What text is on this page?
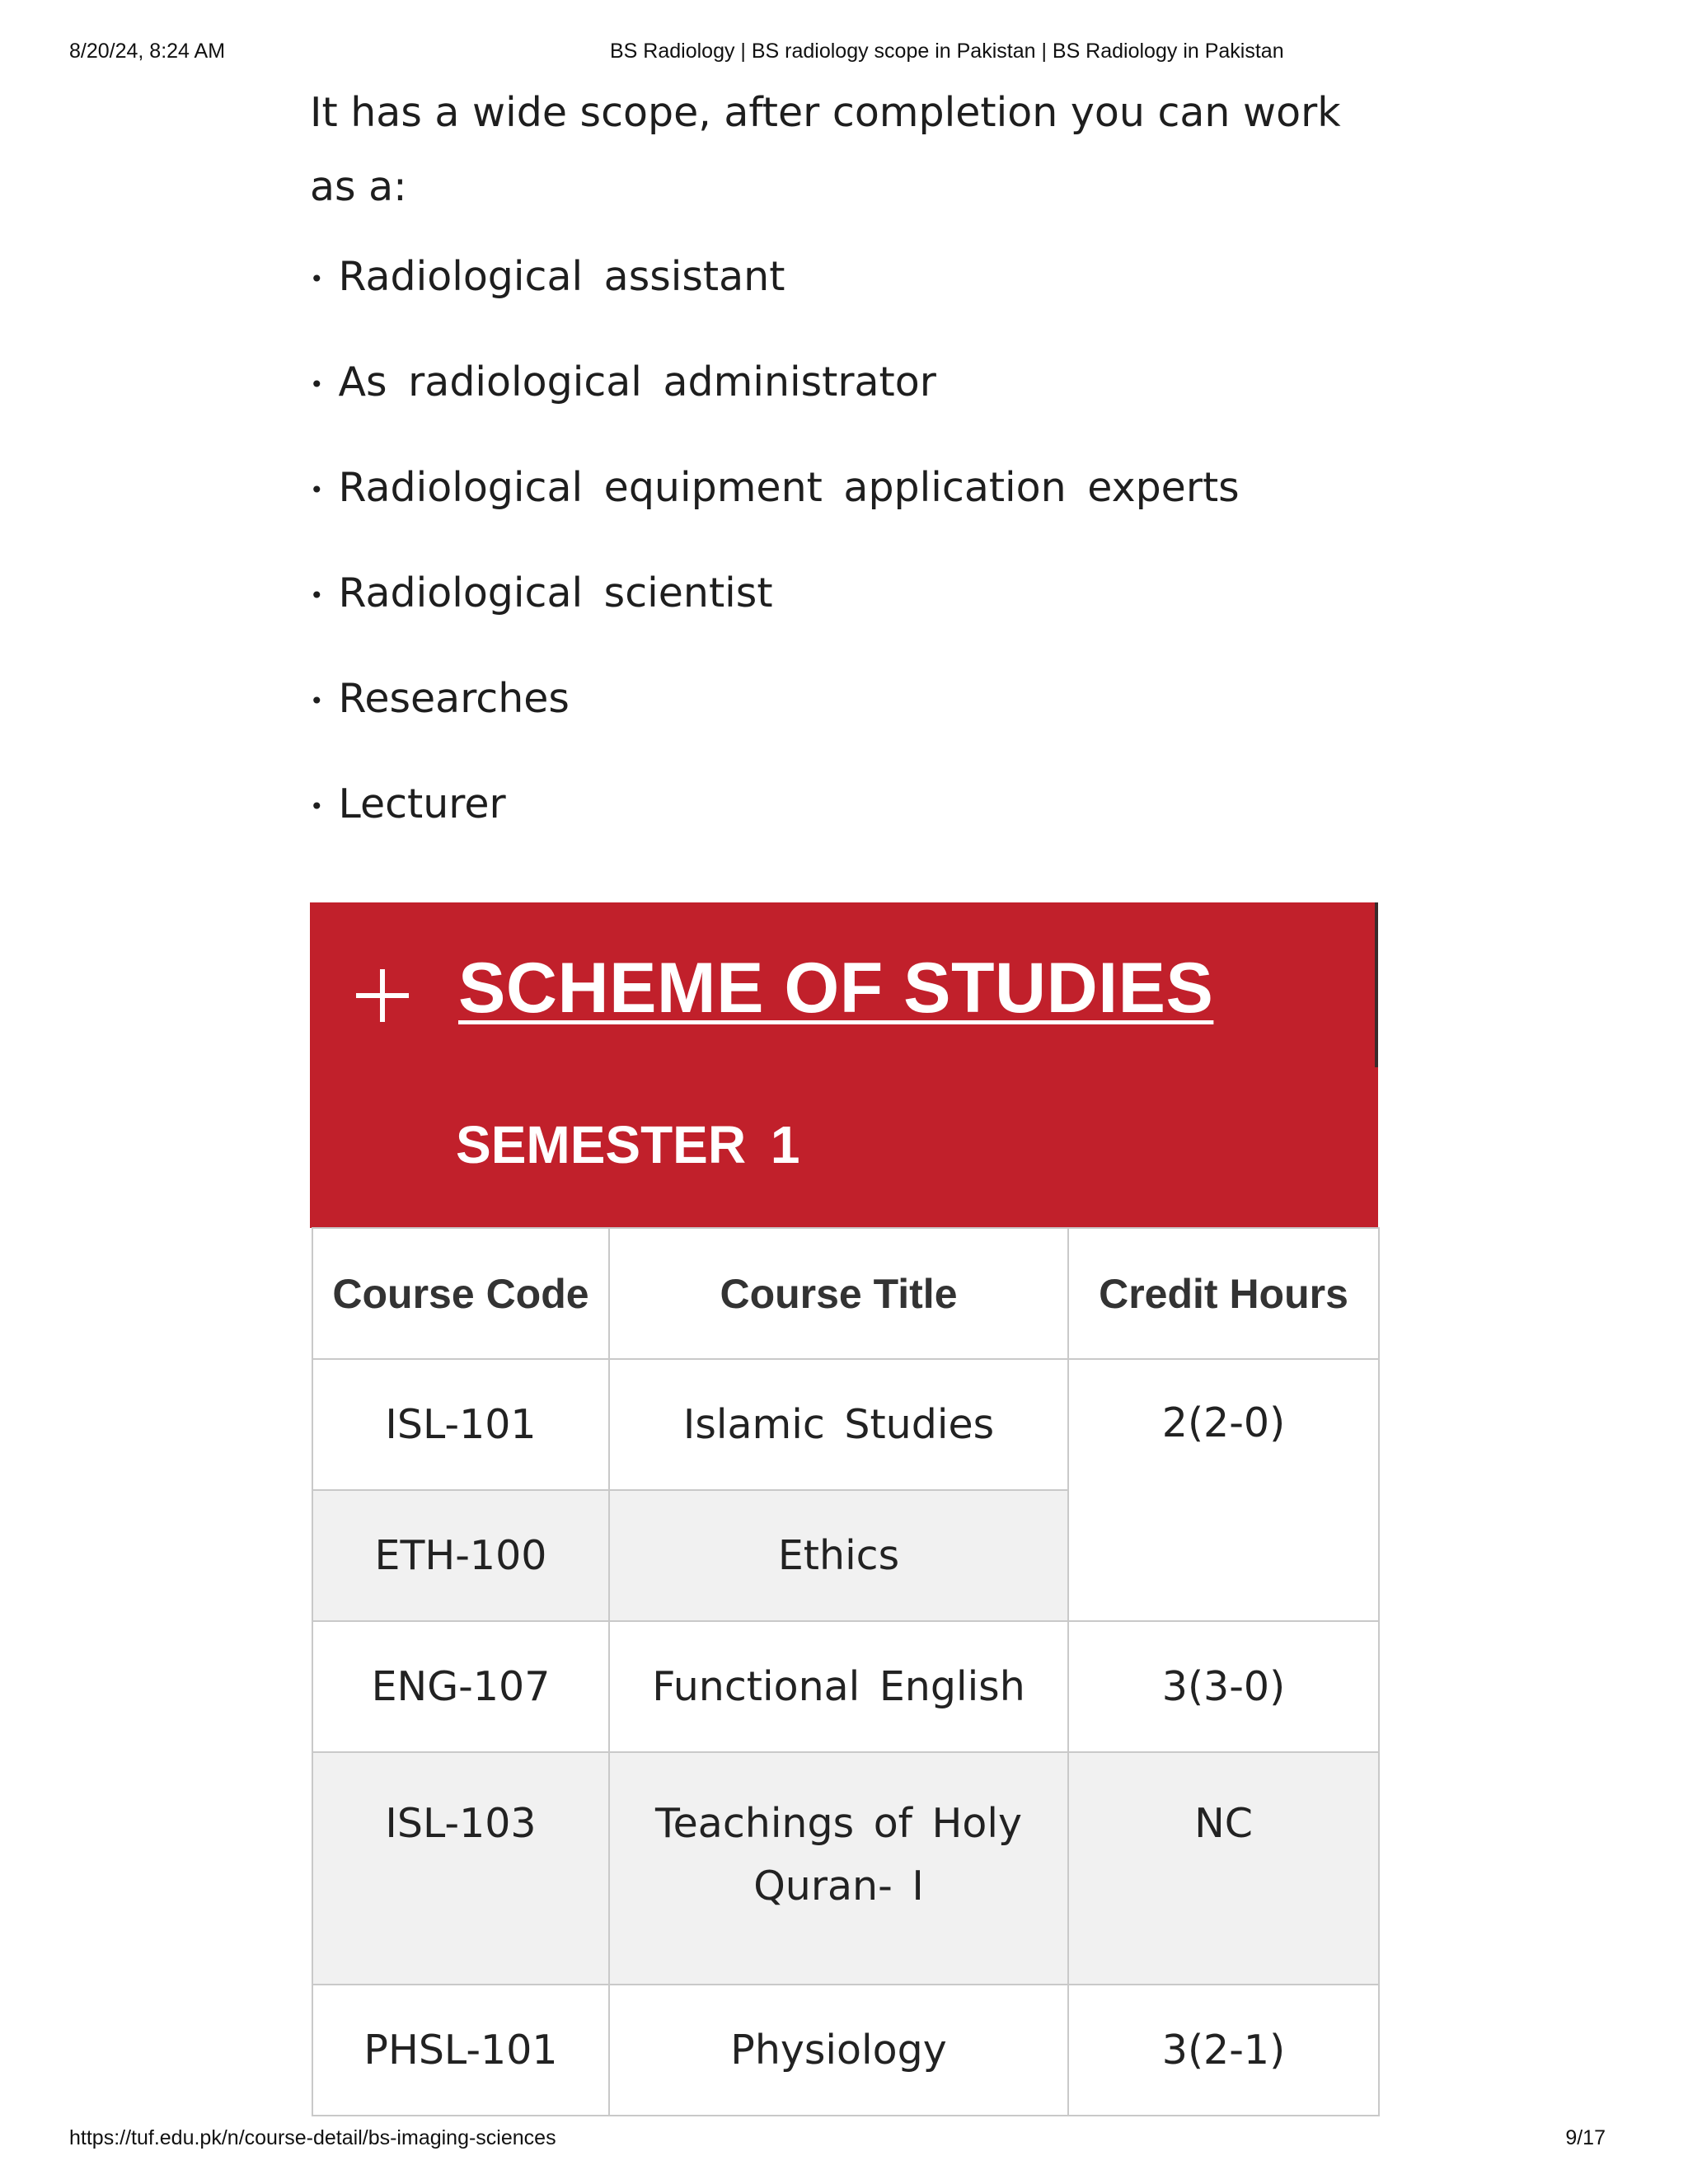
8/20/24, 8:24 AM	BS Radiology | BS radiology scope in Pakistan | BS Radiology in Pakistan

It has a wide scope, after completion you can work as a:

• Radiological assistant
• As radiological administrator
• Radiological equipment application experts
• Radiological scientist
• Researches
• Lecturer
SCHEME OF STUDIES
SEMESTER 1
Course Code	Course Title	Credit Hours
ISL-101	Islamic Studies	2(2-0)
ETH-100	Ethics	
ENG-107	Functional English	3(3-0)
ISL-103	Teachings of Holy Quran- I	NC
PHSL-101	Physiology	3(2-1)
https://tuf.edu.pk/n/course-detail/bs-imaging-sciences	9/17
